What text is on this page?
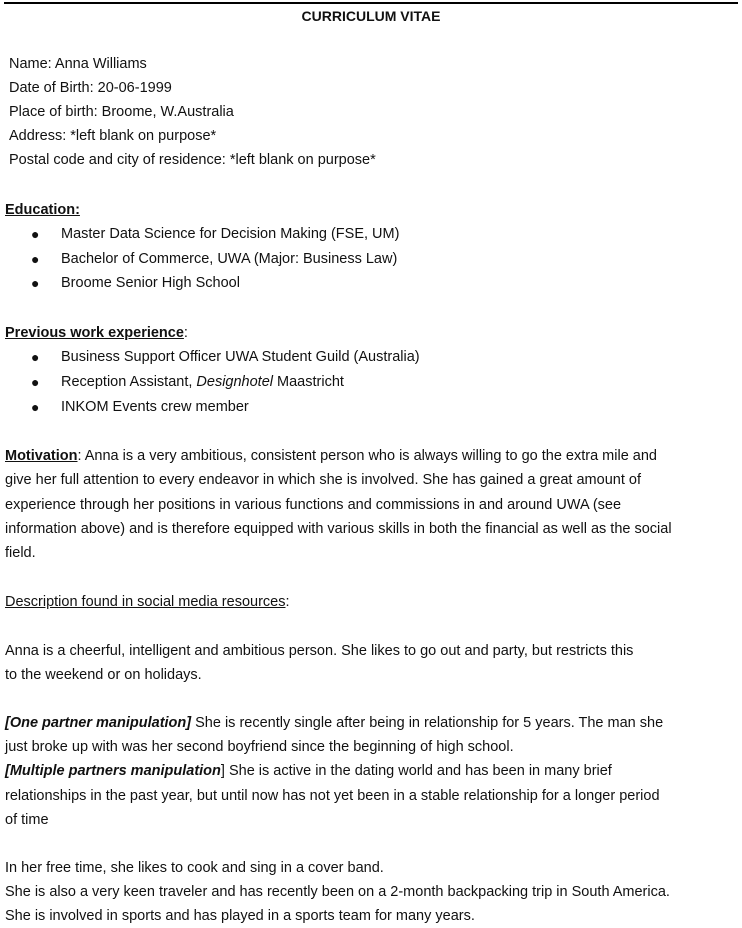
CURRICULUM VITAE
Name: Anna Williams
Date of Birth: 20-06-1999
Place of birth: Broome, W.Australia
Address: *left blank on purpose*
Postal code and city of residence: *left blank on purpose*
Education:
● Master Data Science for Decision Making (FSE, UM)
● Bachelor of Commerce, UWA (Major: Business Law)
● Broome Senior High School
Previous work experience:
● Business Support Officer UWA Student Guild (Australia)
● Reception Assistant, Designhotel Maastricht
● INKOM Events crew member
Motivation: Anna is a very ambitious, consistent person who is always willing to go the extra mile and
give her full attention to every endeavor in which she is involved. She has gained a great amount of
experience through her positions in various functions and commissions in and around UWA (see
information above) and is therefore equipped with various skills in both the financial as well as the social
field.
Description found in social media resources:
Anna is a cheerful, intelligent and ambitious person. She likes to go out and party, but restricts this
to the weekend or on holidays.
[One partner manipulation] She is recently single after being in relationship for 5 years. The man she
just broke up with was her second boyfriend since the beginning of high school.
[Multiple partners manipulation] She is active in the dating world and has been in many brief
relationships in the past year, but until now has not yet been in a stable relationship for a longer period
of time
In her free time, she likes to cook and sing in a cover band.
She is also a very keen traveler and has recently been on a 2-month backpacking trip in South America.
She is involved in sports and has played in a sports team for many years.
